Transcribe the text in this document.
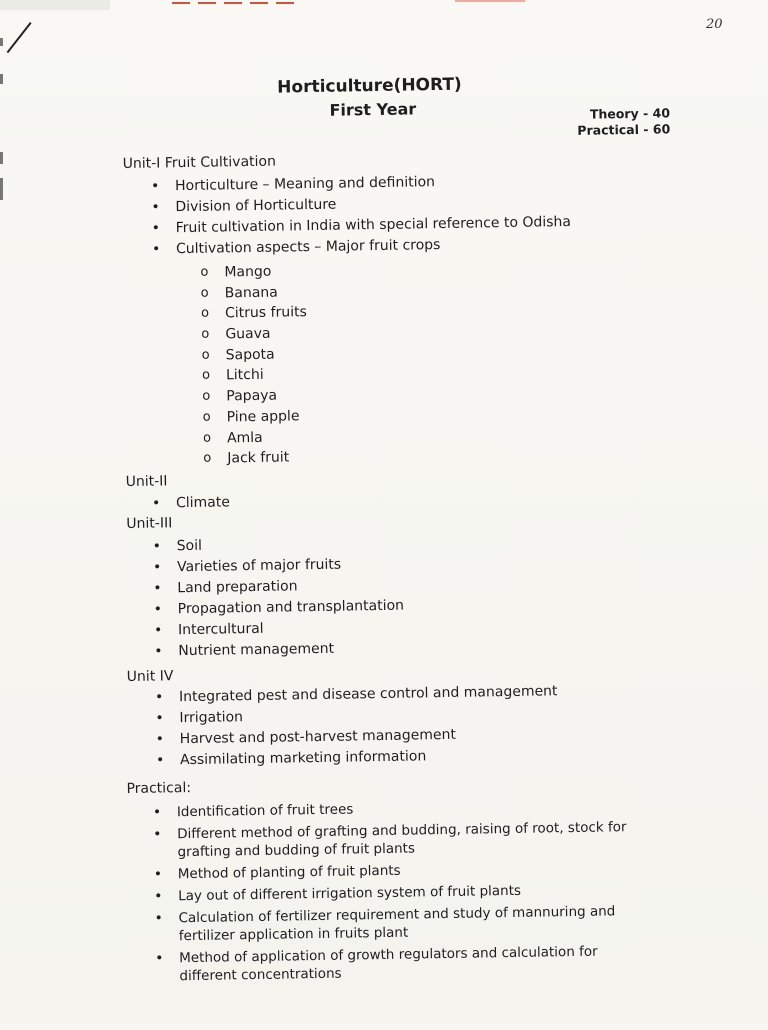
20
Horticulture(HORT)
First Year	Theory - 40
Practical - 60
Unit-I Fruit Cultivation
• Horticulture – Meaning and definition
• Division of Horticulture
• Fruit cultivation in India with special reference to Odisha
• Cultivation aspects – Major fruit crops
o Mango
o Banana
o Citrus fruits
o Guava
o Sapota
o Litchi
o Papaya
o Pine apple
o Amla
o Jack fruit
Unit-II
• Climate
Unit-III
• Soil
• Varieties of major fruits
• Land preparation
• Propagation and transplantation
• Intercultural
• Nutrient management
Unit IV
• Integrated pest and disease control and management
• Irrigation
• Harvest and post-harvest management
• Assimilating marketing information
Practical:
• Identification of fruit trees
• Different method of grafting and budding, raising of root, stock for grafting and budding of fruit plants
• Method of planting of fruit plants
• Lay out of different irrigation system of fruit plants
• Calculation of fertilizer requirement and study of mannuring and fertilizer application in fruits plant
• Method of application of growth regulators and calculation for different concentrations
